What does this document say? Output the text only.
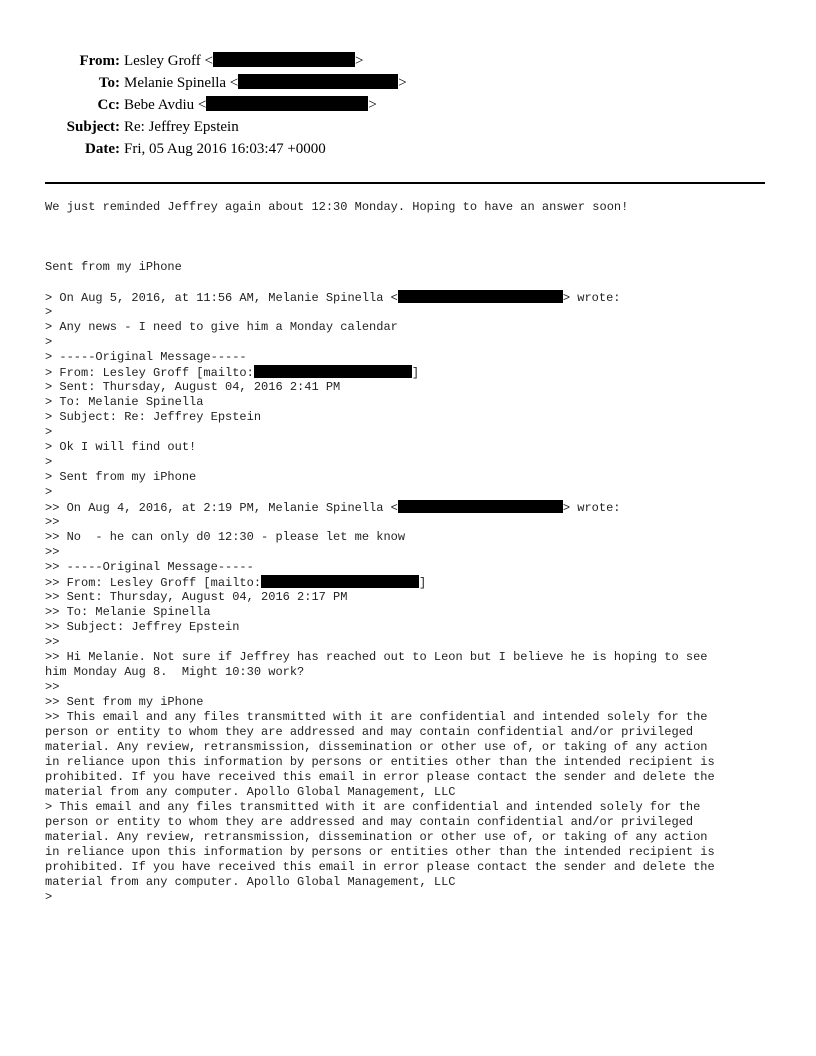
From: Lesley Groff <	>
To: Melanie Spinella <	>
Cc: Bebe Avdiu <	>
Subject: Re: Jeffrey Epstein
Date: Fri, 05 Aug 2016 16:03:47 +0000
We just reminded Jeffrey again about 12:30 Monday. Hoping to have an answer soon!
Sent from my iPhone
> On Aug 5, 2016, at 11:56 AM, Melanie Spinella <	> wrote:
>
> Any news - I need to give him a Monday calendar
>
> -----Original Message-----
> From: Lesley Groff [mailto:	]
> Sent: Thursday, August 04, 2016 2:41 PM
> To: Melanie Spinella
> Subject: Re: Jeffrey Epstein
>
> Ok I will find out!
>
> Sent from my iPhone
>
>> On Aug 4, 2016, at 2:19 PM, Melanie Spinella <	> wrote:
>>
>> No  - he can only d0 12:30 - please let me know
>>
>> -----Original Message-----
>> From: Lesley Groff [mailto:	]
>> Sent: Thursday, August 04, 2016 2:17 PM
>> To: Melanie Spinella
>> Subject: Jeffrey Epstein
>>
>> Hi Melanie. Not sure if Jeffrey has reached out to Leon but I believe he is hoping to see
him Monday Aug 8.  Might 10:30 work?
>>
>> Sent from my iPhone
>> This email and any files transmitted with it are confidential and intended solely for the
person or entity to whom they are addressed and may contain confidential and/or privileged
material. Any review, retransmission, dissemination or other use of, or taking of any action
in reliance upon this information by persons or entities other than the intended recipient is
prohibited. If you have received this email in error please contact the sender and delete the
material from any computer. Apollo Global Management, LLC
> This email and any files transmitted with it are confidential and intended solely for the
person or entity to whom they are addressed and may contain confidential and/or privileged
material. Any review, retransmission, dissemination or other use of, or taking of any action
in reliance upon this information by persons or entities other than the intended recipient is
prohibited. If you have received this email in error please contact the sender and delete the
material from any computer. Apollo Global Management, LLC
>
